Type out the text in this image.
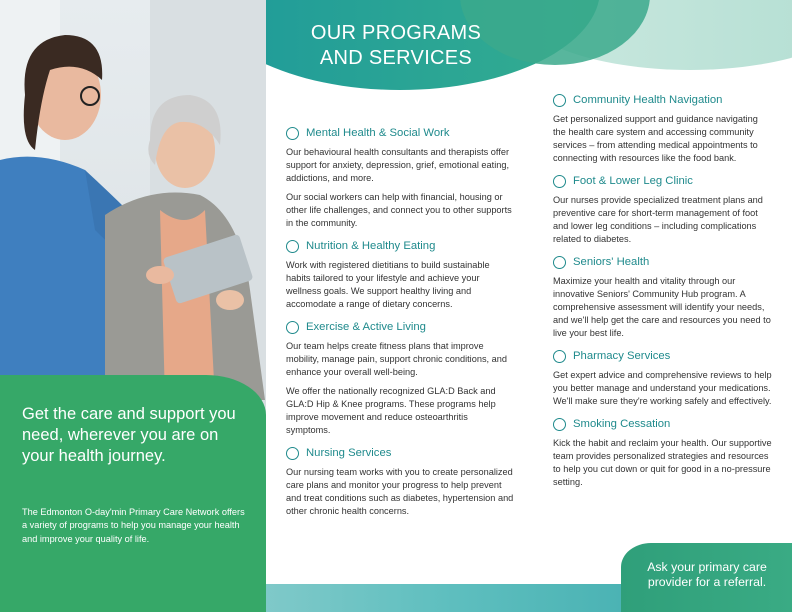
Get the care and support you need, wherever you are on your health journey.
The Edmonton O-day'min Primary Care Network offers a variety of programs to help you manage your health and improve your quality of life.
OUR PROGRAMS
AND SERVICES
Mental Health & Social Work

Our behavioural health consultants and therapists offer support for anxiety, depression, grief, emotional eating, addictions, and more.

Our social workers can help with financial, housing or other life challenges, and connect you to other supports in the community.

Nutrition & Healthy Eating

Work with registered dietitians to build sustainable habits tailored to your lifestyle and achieve your wellness goals. We support healthy living and accomodate a range of dietary concerns.

Exercise & Active Living

Our team helps create fitness plans that improve mobility, manage pain, support chronic conditions, and enhance your overall well-being.

We offer the nationally recognized GLA:D Back and GLA:D Hip & Knee programs. These programs help improve movement and reduce osteoarthritis symptoms.

Nursing Services

Our nursing team works with you to create personalized care plans and monitor your progress to help prevent and treat conditions such as diabetes, hypertension and other chronic health concerns.

Community Health Navigation

Get personalized support and guidance navigating the health care system and accessing community services – from attending medical appointments to connecting with resources like the food bank.

Foot & Lower Leg Clinic

Our nurses provide specialized treatment plans and preventive care for short-term management of foot and lower leg conditions – including complications related to diabetes.

Seniors' Health

Maximize your health and vitality through our innovative Seniors' Community Hub program. A comprehensive assessment will identify your needs, and we'll help get the care and resources you need to live your best life.

Pharmacy Services

Get expert advice and comprehensive reviews to help you better manage and understand your medications. We'll make sure they're working safely and effectively.

Smoking Cessation

Kick the habit and reclaim your health. Our supportive team provides personalized strategies and resources to help you cut down or quit for good in a no-pressure setting.

Ask your primary care provider for a referral.
